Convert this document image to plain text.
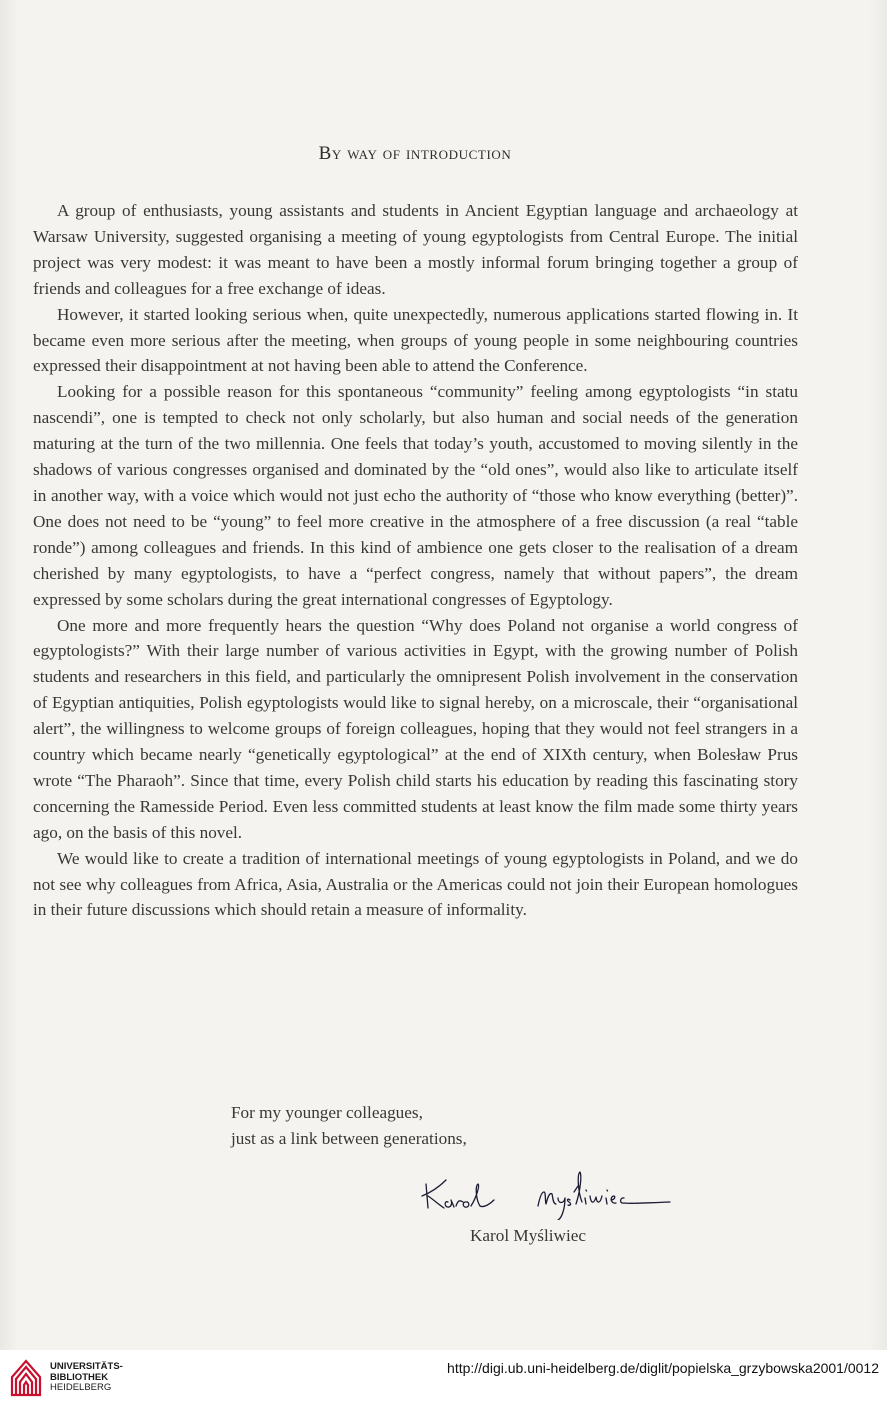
By way of introduction

A group of enthusiasts, young assistants and students in Ancient Egyptian language and archaeology at Warsaw University, suggested organising a meeting of young egyptologists from Central Europe. The initial project was very modest: it was meant to have been a mostly informal forum bringing together a group of friends and colleagues for a free exchange of ideas.

However, it started looking serious when, quite unexpectedly, numerous applications started flowing in. It became even more serious after the meeting, when groups of young people in some neighbouring countries expressed their disappointment at not having been able to attend the Conference.

Looking for a possible reason for this spontaneous “community” feeling among egyptologists “in statu nascendi”, one is tempted to check not only scholarly, but also human and social needs of the generation maturing at the turn of the two millennia. One feels that today’s youth, accustomed to moving silently in the shadows of various congresses organised and dominated by the “old ones”, would also like to articulate itself in another way, with a voice which would not just echo the authority of “those who know everything (better)”. One does not need to be “young” to feel more creative in the atmosphere of a free discussion (a real “table ronde”) among colleagues and friends. In this kind of ambience one gets closer to the realisation of a dream cherished by many egyptologists, to have a “perfect congress, namely that without papers”, the dream expressed by some scholars during the great international congresses of Egyptology.

One more and more frequently hears the question “Why does Poland not organise a world congress of egyptologists?” With their large number of various activities in Egypt, with the growing number of Polish students and researchers in this field, and particularly the omnipresent Polish involvement in the conservation of Egyptian antiquities, Polish egyptologists would like to signal hereby, on a microscale, their “organisational alert”, the willingness to welcome groups of foreign colleagues, hoping that they would not feel strangers in a country which became nearly “genetically egyptological” at the end of XIXth century, when Bolesław Prus wrote “The Pharaoh”. Since that time, every Polish child starts his education by reading this fascinating story concerning the Ramesside Period. Even less committed students at least know the film made some thirty years ago, on the basis of this novel.

We would like to create a tradition of international meetings of young egyptologists in Poland, and we do not see why colleagues from Africa, Asia, Australia or the Americas could not join their European homologues in their future discussions which should retain a measure of informality.

For my younger colleagues,
just as a link between generations,
Karol Myśliwiec
Karol Myśliwiec
UNIVERSITÄTS-
BIBLIOTHEK
HEIDELBERG
http://digi.ub.uni-heidelberg.de/diglit/popielska_grzybowska2001/0012
